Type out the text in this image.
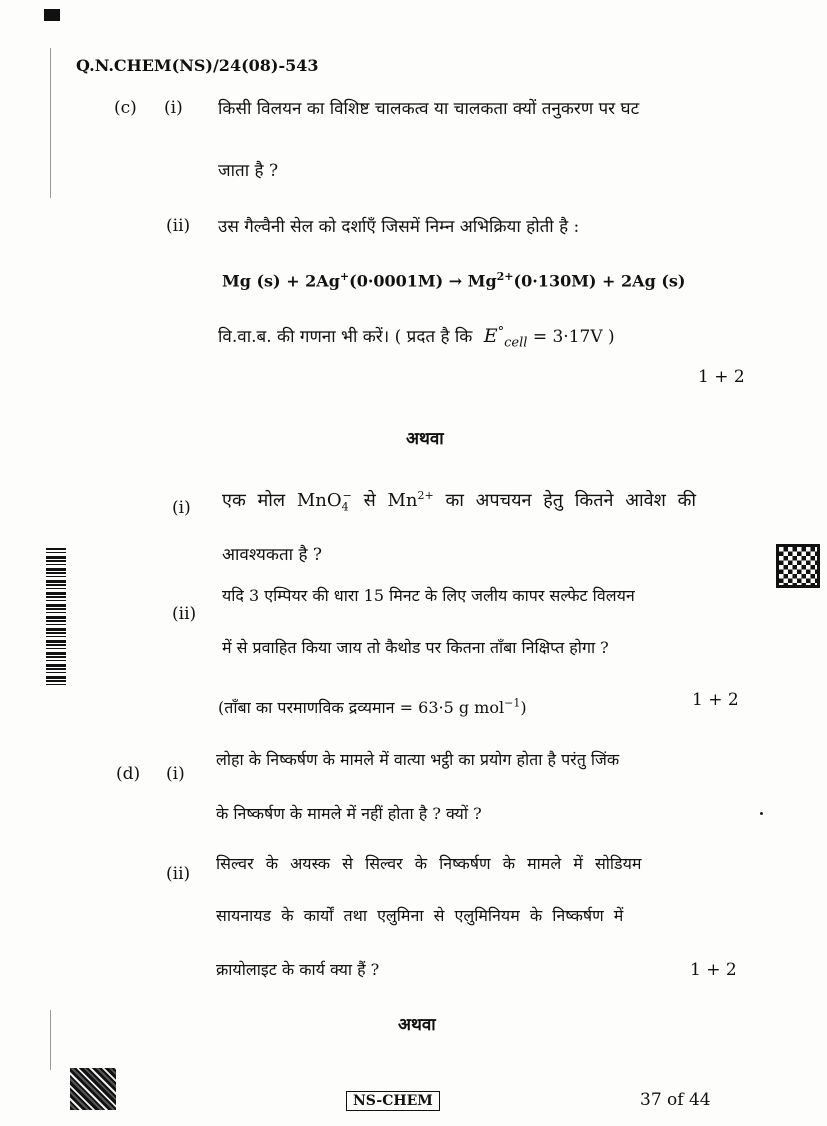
Q.N.CHEM(NS)/24(08)-543
(c) (i) किसी विलयन का विशिष्ट चालकत्व या चालकता क्यों तनुकरण पर घट
जाता है ?
(ii) उस गैल्वैनी सेल को दर्शाएँ जिसमें निम्न अभिक्रिया होती है :
Mg $(s) + 2Ag^+(0\cdot 0001M) \to Mg^{2+}(0\cdot 130M) + 2Ag$ (s)
वि.वा.ब. की गणना भी करें। ( प्रदत है कि $E^\circ_{cell} = 3\cdot 17V$ )
1 + 2
अथवा
(i) एक मोल MnO$_4$− से $Mn^{2+}$ का अपचयन हेतु कितने आवेश की
आवश्यकता है ?
(ii)
यदि 3 एम्पियर की धारा 15 मिनट के लिए जलीय कापर सल्फेट विलयन
में से प्रवाहित किया जाय तो कैथोड पर कितना ताँबा निक्षिप्त होगा ?
(ताँबा का परमाणविक द्रव्यमान = 63·5 g mol$^{-1}$)	1 + 2
(d) (i)
लोहा के निष्कर्षण के मामले में वात्या भट्ठी का प्रयोग होता है परंतु जिंक
के निष्कर्षण के मामले में नहीं होता है ? क्यों ?
(ii)
सिल्वर के अयस्क से सिल्वर के निष्कर्षण के मामले में सोडियम
सायनायड के कार्यों तथा एलुमिना से एलुमिनियम के निष्कर्षण में
क्रायोलाइट के कार्य क्या हैं ?	1 + 2
अथवा
NS-CHEM	37 of 44
